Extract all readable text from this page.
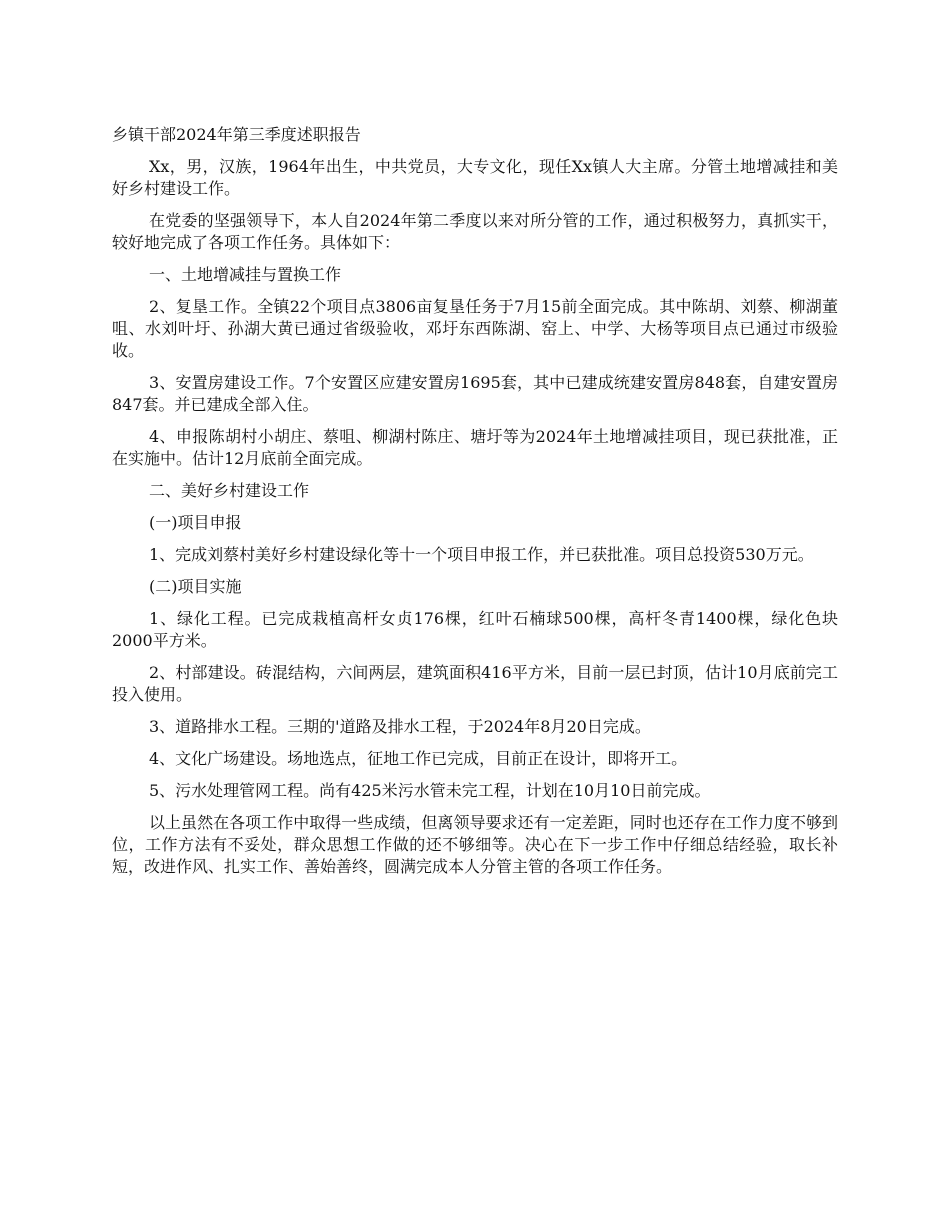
乡镇干部2024年第三季度述职报告

Xx，男，汉族，1964年出生，中共党员，大专文化，现任Xx镇人大主席。分管土地增减挂和美好乡村建设工作。

在党委的坚强领导下，本人自2024年第二季度以来对所分管的工作，通过积极努力，真抓实干，较好地完成了各项工作任务。具体如下：

一、土地增减挂与置换工作

2、复垦工作。全镇22个项目点3806亩复垦任务于7月15前全面完成。其中陈胡、刘蔡、柳湖董咀、水刘叶圩、孙湖大黄已通过省级验收，邓圩东西陈湖、窑上、中学、大杨等项目点已通过市级验收。

3、安置房建设工作。7个安置区应建安置房1695套，其中已建成统建安置房848套，自建安置房847套。并已建成全部入住。

4、申报陈胡村小胡庄、蔡咀、柳湖村陈庄、塘圩等为2024年土地增减挂项目，现已获批准，正在实施中。估计12月底前全面完成。

二、美好乡村建设工作

(一)项目申报

1、完成刘蔡村美好乡村建设绿化等十一个项目申报工作，并已获批准。项目总投资530万元。

(二)项目实施

1、绿化工程。已完成栽植高杆女贞176棵，红叶石楠球500棵，高杆冬青1400棵，绿化色块2000平方米。

2、村部建设。砖混结构，六间两层，建筑面积416平方米，目前一层已封顶，估计10月底前完工投入使用。

3、道路排水工程。三期的'道路及排水工程，于2024年8月20日完成。

4、文化广场建设。场地选点，征地工作已完成，目前正在设计，即将开工。

5、污水处理管网工程。尚有425米污水管未完工程，计划在10月10日前完成。

以上虽然在各项工作中取得一些成绩，但离领导要求还有一定差距，同时也还存在工作力度不够到位，工作方法有不妥处，群众思想工作做的还不够细等。决心在下一步工作中仔细总结经验，取长补短，改进作风、扎实工作、善始善终，圆满完成本人分管主管的各项工作任务。
